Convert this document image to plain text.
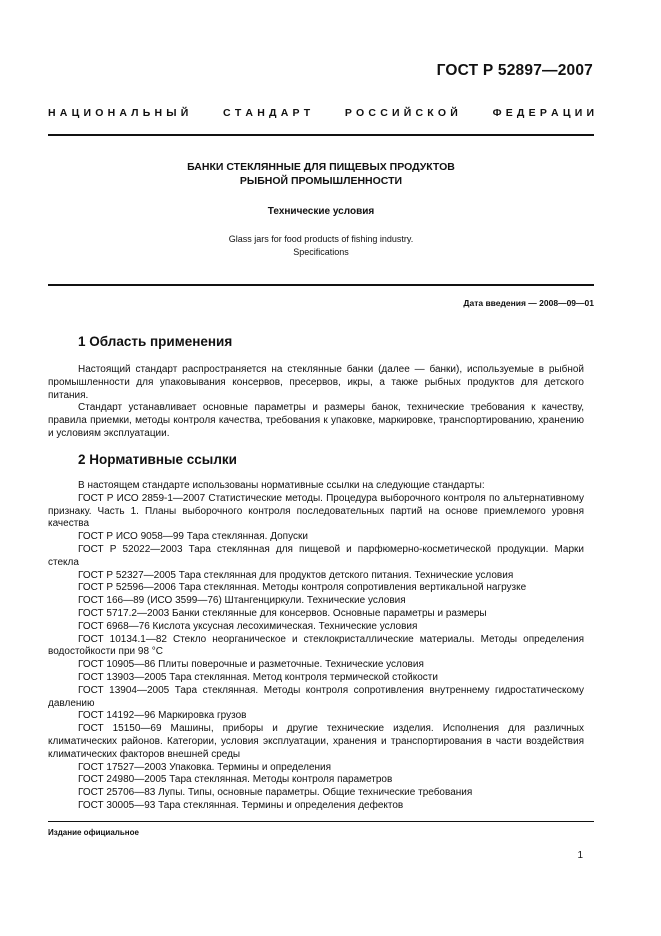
ГОСТ Р 52897—2007
Н  А  Ц  И  О  Н  А  Л  Ь  Н  Ы  Й	С  Т  А  Н  Д  А  Р  Т	Р  О  С  С  И  Й  С  К  О  Й	Ф  Е  Д  Е  Р  А  Ц  И  И
БАНКИ СТЕКЛЯННЫЕ ДЛЯ ПИЩЕВЫХ ПРОДУКТОВ
РЫБНОЙ ПРОМЫШЛЕННОСТИ
Технические условия
Glass jars for food products of fishing industry.
Specifications
Дата введения — 2008—09—01
1 Область применения

Настоящий стандарт распространяется на стеклянные банки (далее — банки), используемые в рыбной промышленности для упаковывания консервов, пресервов, икры, а также рыбных продуктов для детского питания.

Стандарт устанавливает основные параметры и размеры банок, технические требования к качеству, правила приемки, методы контроля качества, требования к упаковке, маркировке, транспортированию, хранению и условиям эксплуатации.

2 Нормативные ссылки

В настоящем стандарте использованы нормативные ссылки на следующие стандарты:

ГОСТ Р ИСО 2859-1—2007 Статистические методы. Процедура выборочного контроля по альтернативному признаку. Часть 1. Планы выборочного контроля последовательных партий на основе приемлемого уровня качества

ГОСТ Р ИСО 9058—99 Тара стеклянная. Допуски

ГОСТ Р 52022—2003 Тара стеклянная для пищевой и парфюмерно-косметической продукции. Марки стекла

ГОСТ Р 52327—2005 Тара стеклянная для продуктов детского питания. Технические условия

ГОСТ Р 52596—2006 Тара стеклянная. Методы контроля сопротивления вертикальной нагрузке

ГОСТ 166—89 (ИСО 3599—76) Штангенциркули. Технические условия

ГОСТ 5717.2—2003 Банки стеклянные для консервов. Основные параметры и размеры

ГОСТ 6968—76 Кислота уксусная лесохимическая. Технические условия

ГОСТ 10134.1—82 Стекло неорганическое и стеклокристаллические материалы. Методы определения водостойкости при 98 °С

ГОСТ 10905—86 Плиты поверочные и разметочные. Технические условия

ГОСТ 13903—2005 Тара стеклянная. Метод контроля термической стойкости

ГОСТ 13904—2005 Тара стеклянная. Методы контроля сопротивления внутреннему гидростатическому давлению

ГОСТ 14192—96 Маркировка грузов

ГОСТ 15150—69 Машины, приборы и другие технические изделия. Исполнения для различных климатических районов. Категории, условия эксплуатации, хранения и транспортирования в части воздействия климатических факторов внешней среды

ГОСТ 17527—2003 Упаковка. Термины и определения

ГОСТ 24980—2005 Тара стеклянная. Методы контроля параметров

ГОСТ 25706—83 Лупы. Типы, основные параметры. Общие технические требования

ГОСТ 30005—93 Тара стеклянная. Термины и определения дефектов

Издание официальное
1
